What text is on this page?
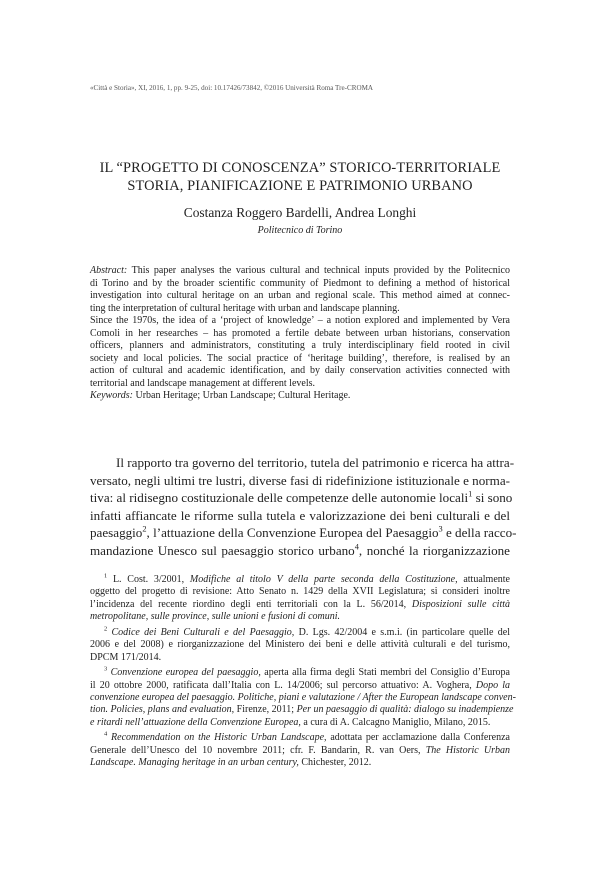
«Città e Storia», XI, 2016, 1, pp. 9-25, doi: 10.17426/73842, ©2016 Università Roma Tre-CROMA
IL “PROGETTO DI CONOSCENZA” STORICO-TERRITORIALE
STORIA, PIANIFICAZIONE E PATRIMONIO URBANO
Costanza Roggero Bardelli, Andrea Longhi
Politecnico di Torino

Abstract: This paper analyses the various cultural and technical inputs provided by the Politecnico
di Torino and by the broader scientific community of Piedmont to defining a method of historical
investigation into cultural heritage on an urban and regional scale. This method aimed at connec-
ting the interpretation of cultural heritage with urban and landscape planning.

Since the 1970s, the idea of a ‘project of knowledge’ – a notion explored and implemented by Vera
Comoli in her researches – has promoted a fertile debate between urban historians, conservation
officers, planners and administrators, constituting a truly interdisciplinary field rooted in civil
society and local policies. The social practice of ‘heritage building’, therefore, is realised by an
action of cultural and academic identification, and by daily conservation activities connected with
territorial and landscape management at different levels.

Keywords: Urban Heritage; Urban Landscape; Cultural Heritage.

Il rapporto tra governo del territorio, tutela del patrimonio e ricerca ha attra-
versato, negli ultimi tre lustri, diverse fasi di ridefinizione istituzionale e norma-
tiva: al ridisegno costituzionale delle competenze delle autonomie locali$^1$ si sono
infatti affiancate le riforme sulla tutela e valorizzazione dei beni culturali e del
paesaggio$^2$, l’attuazione della Convenzione Europea del Paesaggio$^3$ e della racco-
mandazione Unesco sul paesaggio storico urbano$^4$, nonché la riorganizzazione
$^1$ L. Cost. 3/2001, Modifiche al titolo V della parte seconda della Costituzione, attualmente
oggetto del progetto di revisione: Atto Senato n. 1429 della XVII Legislatura; si consideri inoltre
l’incidenza del recente riordino degli enti territoriali con la L. 56/2014, Disposizioni sulle città
metropolitane, sulle province, sulle unioni e fusioni di comuni.
$^2$ Codice dei Beni Culturali e del Paesaggio, D. Lgs. 42/2004 e s.m.i. (in particolare quelle del
2006 e del 2008) e riorganizzazione del Ministero dei beni e delle attività culturali e del turismo,
DPCM 171/2014.
$^3$ Convenzione europea del paesaggio, aperta alla firma degli Stati membri del Consiglio d’Europa
il 20 ottobre 2000, ratificata dall’Italia con L. 14/2006; sul percorso attuativo: A. Voghera, Dopo la
convenzione europea del paesaggio. Politiche, piani e valutazione / After the European landscape conven-
tion. Policies, plans and evaluation, Firenze, 2011; Per un paesaggio di qualità: dialogo su inadempienze
e ritardi nell’attuazione della Convenzione Europea, a cura di A. Calcagno Maniglio, Milano, 2015.
$^4$ Recommendation on the Historic Urban Landscape, adottata per acclamazione dalla Conferenza
Generale dell’Unesco del 10 novembre 2011; cfr. F. Bandarin, R. van Oers, The Historic Urban
Landscape. Managing heritage in an urban century, Chichester, 2012.
